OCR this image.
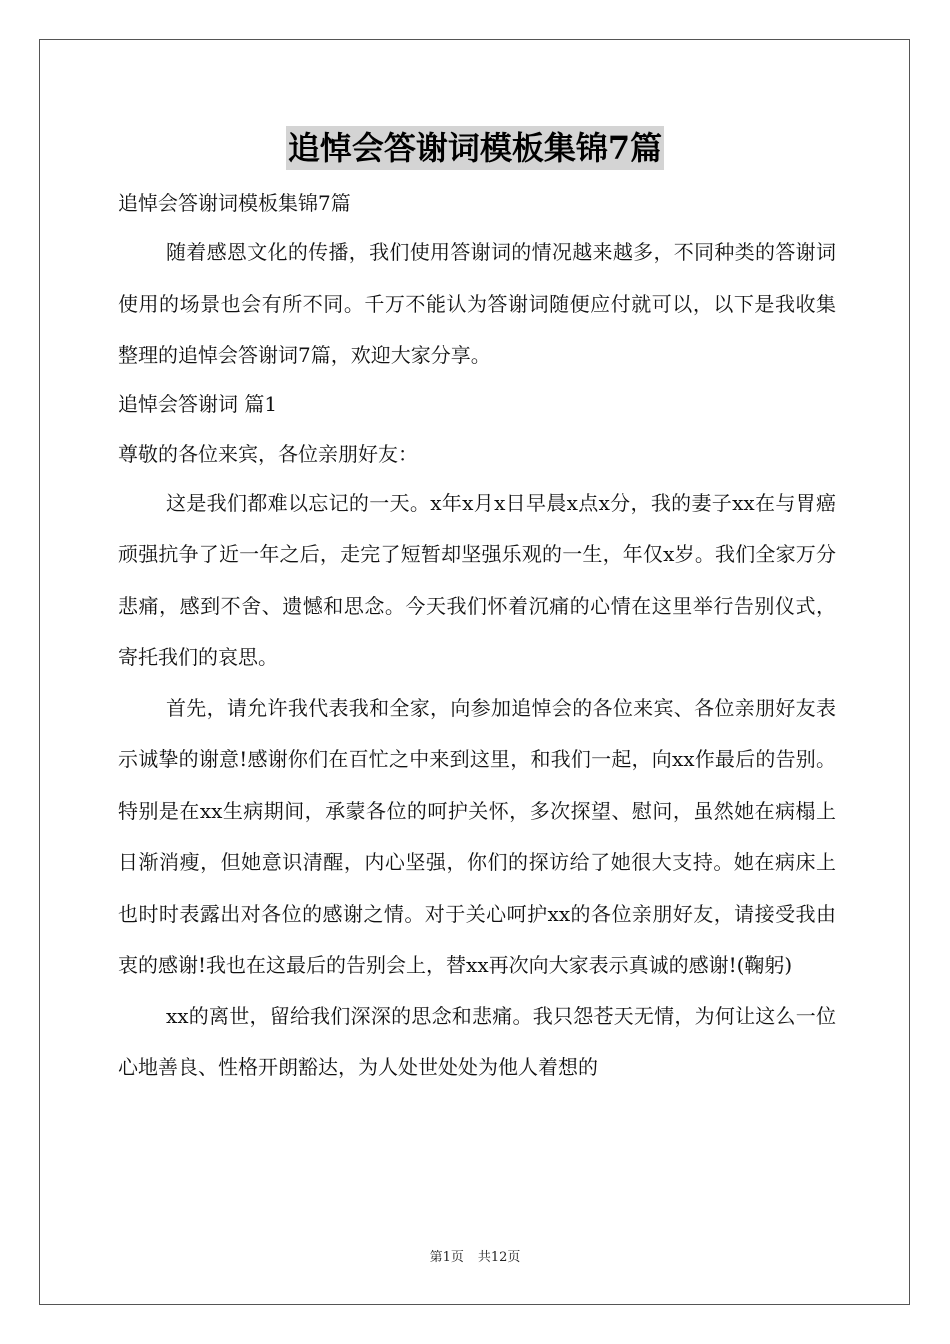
追悼会答谢词模板集锦7篇
追悼会答谢词模板集锦7篇

随着感恩文化的传播，我们使用答谢词的情况越来越多，不同种类的答谢词使用的场景也会有所不同。千万不能认为答谢词随便应付就可以，以下是我收集整理的追悼会答谢词7篇，欢迎大家分享。

追悼会答谢词 篇1
尊敬的各位来宾，各位亲朋好友：

这是我们都难以忘记的一天。x年x月x日早晨x点x分，我的妻子xx在与胃癌顽强抗争了近一年之后，走完了短暂却坚强乐观的一生，年仅x岁。我们全家万分悲痛，感到不舍、遗憾和思念。今天我们怀着沉痛的心情在这里举行告别仪式，寄托我们的哀思。

首先，请允许我代表我和全家，向参加追悼会的各位来宾、各位亲朋好友表示诚挚的谢意!感谢你们在百忙之中来到这里，和我们一起，向xx作最后的告别。特别是在xx生病期间，承蒙各位的呵护关怀，多次探望、慰问，虽然她在病榻上日渐消瘦，但她意识清醒，内心坚强，你们的探访给了她很大支持。她在病床上也时时表露出对各位的感谢之情。对于关心呵护xx的各位亲朋好友，请接受我由衷的感谢!我也在这最后的告别会上，替xx再次向大家表示真诚的感谢!(鞠躬)

xx的离世，留给我们深深的思念和悲痛。我只怨苍天无情，为何让这么一位心地善良、性格开朗豁达，为人处世处处为他人着想的

第1页 共12页
